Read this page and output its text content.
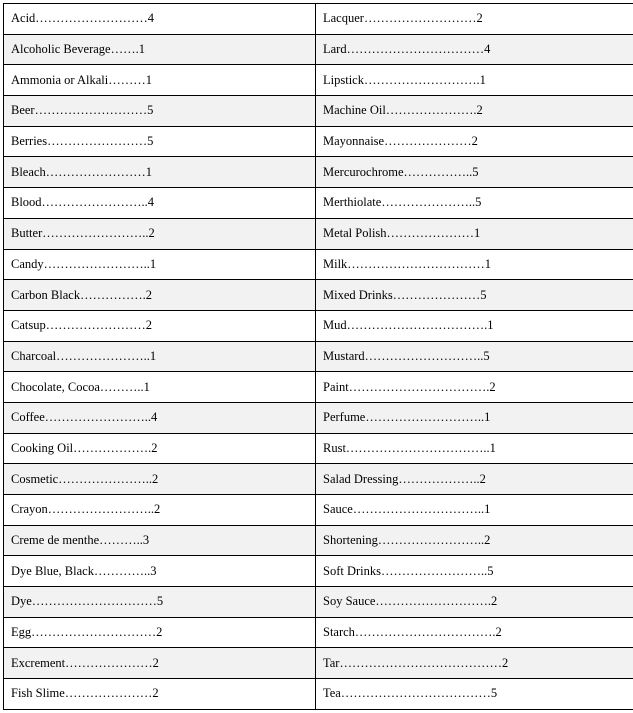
Acid………………………4	Lacquer………………………2
Alcoholic Beverage…….1	Lard……………………………4
Ammonia or Alkali………1	Lipstick……………………….1
Beer………………………5	Machine Oil………………….2
Berries……………………5	Mayonnaise…………………2
Bleach……………………1	Mercurochrome……………..5
Blood……………………..4	Merthiolate…………………..5
Butter……………………..2	Metal Polish…………………1
Candy……………………..1	Milk……………………………1
Carbon Black…………….2	Mixed Drinks…………………5
Catsup……………………2	Mud…………………………….1
Charcoal…………………..1	Mustard………………………..5
Chocolate, Cocoa………..1	Paint…………………………….2
Coffee……………………..4	Perfume………………………..1
Cooking Oil……………….2	Rust……………………………..1
Cosmetic…………………..2	Salad Dressing………………..2
Crayon……………………..2	Sauce…………………………..1
Creme de menthe………..3	Shortening……………………..2
Dye Blue, Black…………..3	Soft Drinks……………………..5
Dye…………………………5	Soy Sauce……………………….2
Egg…………………………2	Starch…………………………….2
Excrement…………………2	Tar…………………………………2
Fish Slime…………………2	Tea………………………………5
